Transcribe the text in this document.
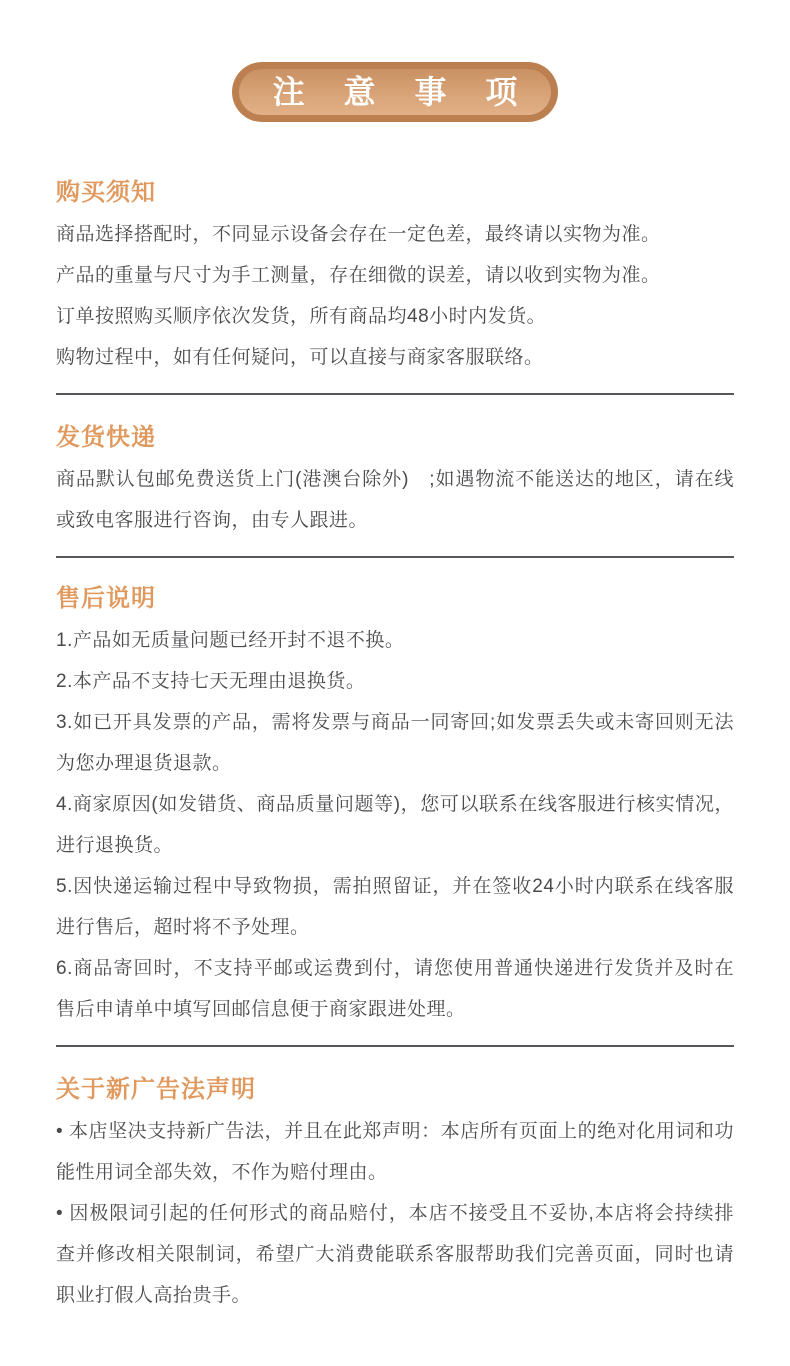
注 意 事 项
购买须知

商品选择搭配时，不同显示设备会存在一定色差，最终请以实物为准。

产品的重量与尺寸为手工测量，存在细微的误差，请以收到实物为准。

订单按照购买顺序依次发货，所有商品均48小时内发货。

购物过程中，如有任何疑问，可以直接与商家客服联络。

发货快递

商品默认包邮免费送货上门(港澳台除外)　;如遇物流不能送达的地区，请在线或致电客服进行咨询，由专人跟进。

售后说明

1.产品如无质量问题已经开封不退不换。

2.本产品不支持七天无理由退换货。

3.如已开具发票的产品，需将发票与商品一同寄回;如发票丢失或未寄回则无法为您办理退货退款。

4.商家原因(如发错货、商品质量问题等)，您可以联系在线客服进行核实情况，进行退换货。

5.因快递运输过程中导致物损，需拍照留证，并在签收24小时内联系在线客服进行售后，超时将不予处理。

6.商品寄回时，不支持平邮或运费到付，请您使用普通快递进行发货并及时在售后申请单中填写回邮信息便于商家跟进处理。

关于新广告法声明

• 本店坚决支持新广告法，并且在此郑声明：本店所有页面上的绝对化用词和功能性用词全部失效，不作为赔付理由。

• 因极限词引起的任何形式的商品赔付，本店不接受且不妥协,本店将会持续排查并修改相关限制词，希望广大消费能联系客服帮助我们完善页面，同时也请职业打假人高抬贵手。
